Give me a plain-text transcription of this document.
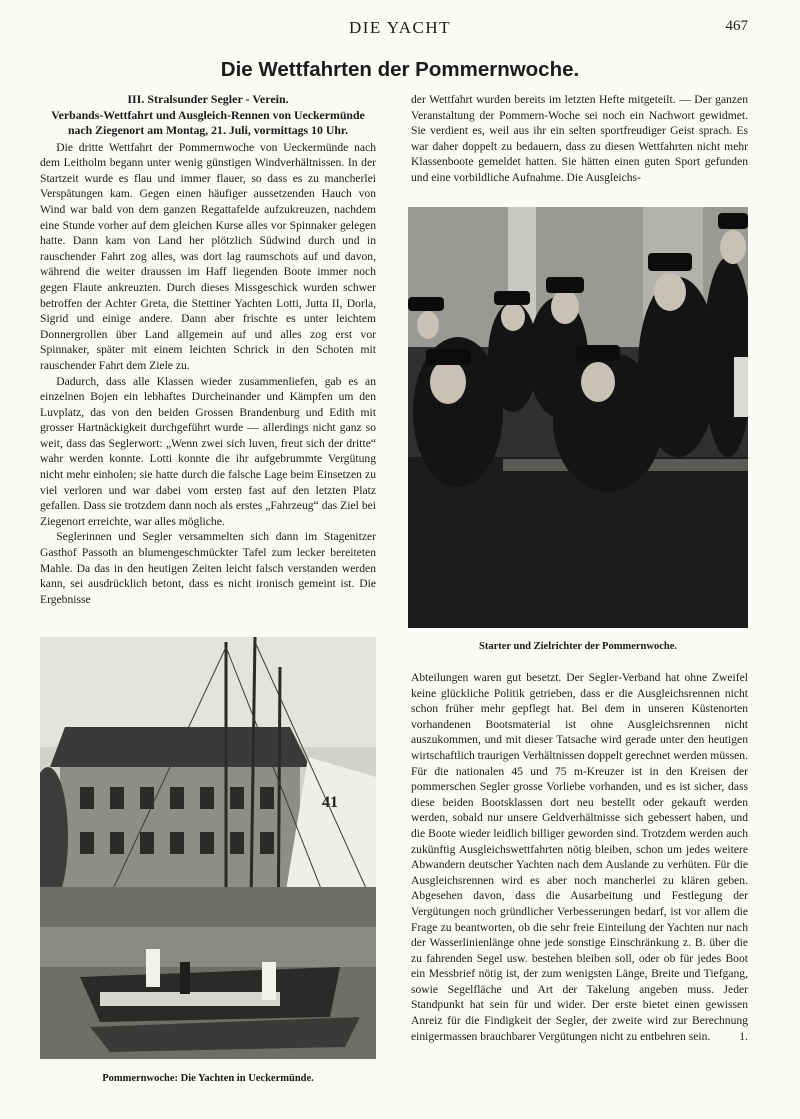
DIE YACHT	467
Die Wettfahrten der Pommernwoche.
III. Stralsunder Segler - Verein.
Verbands-Wettfahrt und Ausgleich-Rennen von Ueckermünde nach Ziegenort am Montag, 21. Juli, vormittags 10 Uhr.

Die dritte Wettfahrt der Pommernwoche von Ueckermünde nach dem Leitholm begann unter wenig günstigen Windverhältnissen. In der Startzeit wurde es flau und immer flauer, so dass es zu mancherlei Verspätungen kam. Gegen einen häufiger aussetzenden Hauch von Wind war bald von dem ganzen Regattafelde aufzukreuzen, nachdem eine Stunde vorher auf dem gleichen Kurse alles vor Spinnaker gelegen hatte. Dann kam von Land her plötzlich Südwind durch und in rauschender Fahrt zog alles, was dort lag raumschots auf und davon, während die weiter draussen im Haff liegenden Boote immer noch gegen Flaute ankreuzten. Durch dieses Missgeschick wurden schwer betroffen der Achter Greta, die Stettiner Yachten Lotti, Jutta II, Dorla, Sigrid und einige andere. Dann aber frischte es unter leichtem Donnergrollen über Land allgemein auf und alles zog erst vor Spinnaker, später mit einem leichten Schrick in den Schoten mit rauschender Fahrt dem Ziele zu.

Dadurch, dass alle Klassen wieder zusammenliefen, gab es an einzelnen Bojen ein lebhaftes Durcheinander und Kämpfen um den Luvplatz, das von den beiden Grossen Brandenburg und Edith mit grosser Hartnäckigkeit durchgeführt wurde — allerdings nicht ganz so weit, dass das Seglerwort: „Wenn zwei sich luven, freut sich der dritte“ wahr werden konnte. Lotti konnte die ihr aufgebrummte Vergütung nicht mehr einholen; sie hatte durch die falsche Lage beim Einsetzen zu viel verloren und war dabei vom ersten fast auf den letzten Platz gefallen. Dass sie trotzdem dann noch als erstes „Fahrzeug“ das Ziel bei Ziegenort erreichte, war alles mögliche.

Seglerinnen und Segler versammelten sich dann im Stagenitzer Gasthof Passoth an blumengeschmückter Tafel zum lecker bereiteten Mahle. Da das in den heutigen Zeiten leicht falsch verstanden werden kann, sei ausdrücklich betont, dass es nicht ironisch gemeint ist. Die Ergebnisse

der Wettfahrt wurden bereits im letzten Hefte mitgeteilt. — Der ganzen Veranstaltung der Pommern-Woche sei noch ein Nachwort gewidmet. Sie verdient es, weil aus ihr ein selten sportfreudiger Geist sprach. Es war daher doppelt zu bedauern, dass zu diesen Wettfahrten nicht mehr Klassenboote gemeldet hatten. Sie hätten einen guten Sport gefunden und eine vorbildliche Aufnahme. Die Ausgleichs-

Starter und Zielrichter der Pommernwoche.
41
Pommernwoche: Die Yachten in Ueckermünde.

Abteilungen waren gut besetzt. Der Segler-Verband hat ohne Zweifel keine glückliche Politik getrieben, dass er die Ausgleichsrennen nicht schon früher mehr gepflegt hat. Bei dem in unseren Küstenorten vorhandenen Bootsmaterial ist ohne Ausgleichsrennen nicht auszukommen, und mit dieser Tatsache wird gerade unter den heutigen wirtschaftlich traurigen Verhältnissen doppelt gerechnet werden müssen. Für die nationalen 45 und 75 m-Kreuzer ist in den Kreisen der pommerschen Segler grosse Vorliebe vorhanden, und es ist sicher, dass diese beiden Bootsklassen dort neu bestellt oder gekauft werden werden, sobald nur unsere Geldverhältnisse sich gebessert haben, und die Boote wieder leidlich billiger geworden sind. Trotzdem werden auch zukünftig Ausgleichswettfahrten nötig bleiben, schon um jedes weitere Abwandern deutscher Yachten nach dem Auslande zu verhüten. Für die Ausgleichsrennen wird es aber noch mancherlei zu klären geben. Abgesehen davon, dass die Ausarbeitung und Festlegung der Vergütungen noch gründlicher Verbesserungen bedarf, ist vor allem die Frage zu beantworten, ob die sehr freie Einteilung der Yachten nur nach der Wasserlinienlänge ohne jede sonstige Einschränkung z. B. über die zu fahrenden Segel usw. bestehen bleiben soll, oder ob für jedes Boot ein Messbrief nötig ist, der zum wenigsten Länge, Breite und Tiefgang, sowie Segelfläche und Art der Takelung angeben muss. Jeder Standpunkt hat sein für und wider. Der erste bietet einen gewissen Anreiz für die Findigkeit der Segler, der zweite wird zur Berechnung einigermassen brauchbarer Vergütungen nicht zu entbehren sein.	1.
